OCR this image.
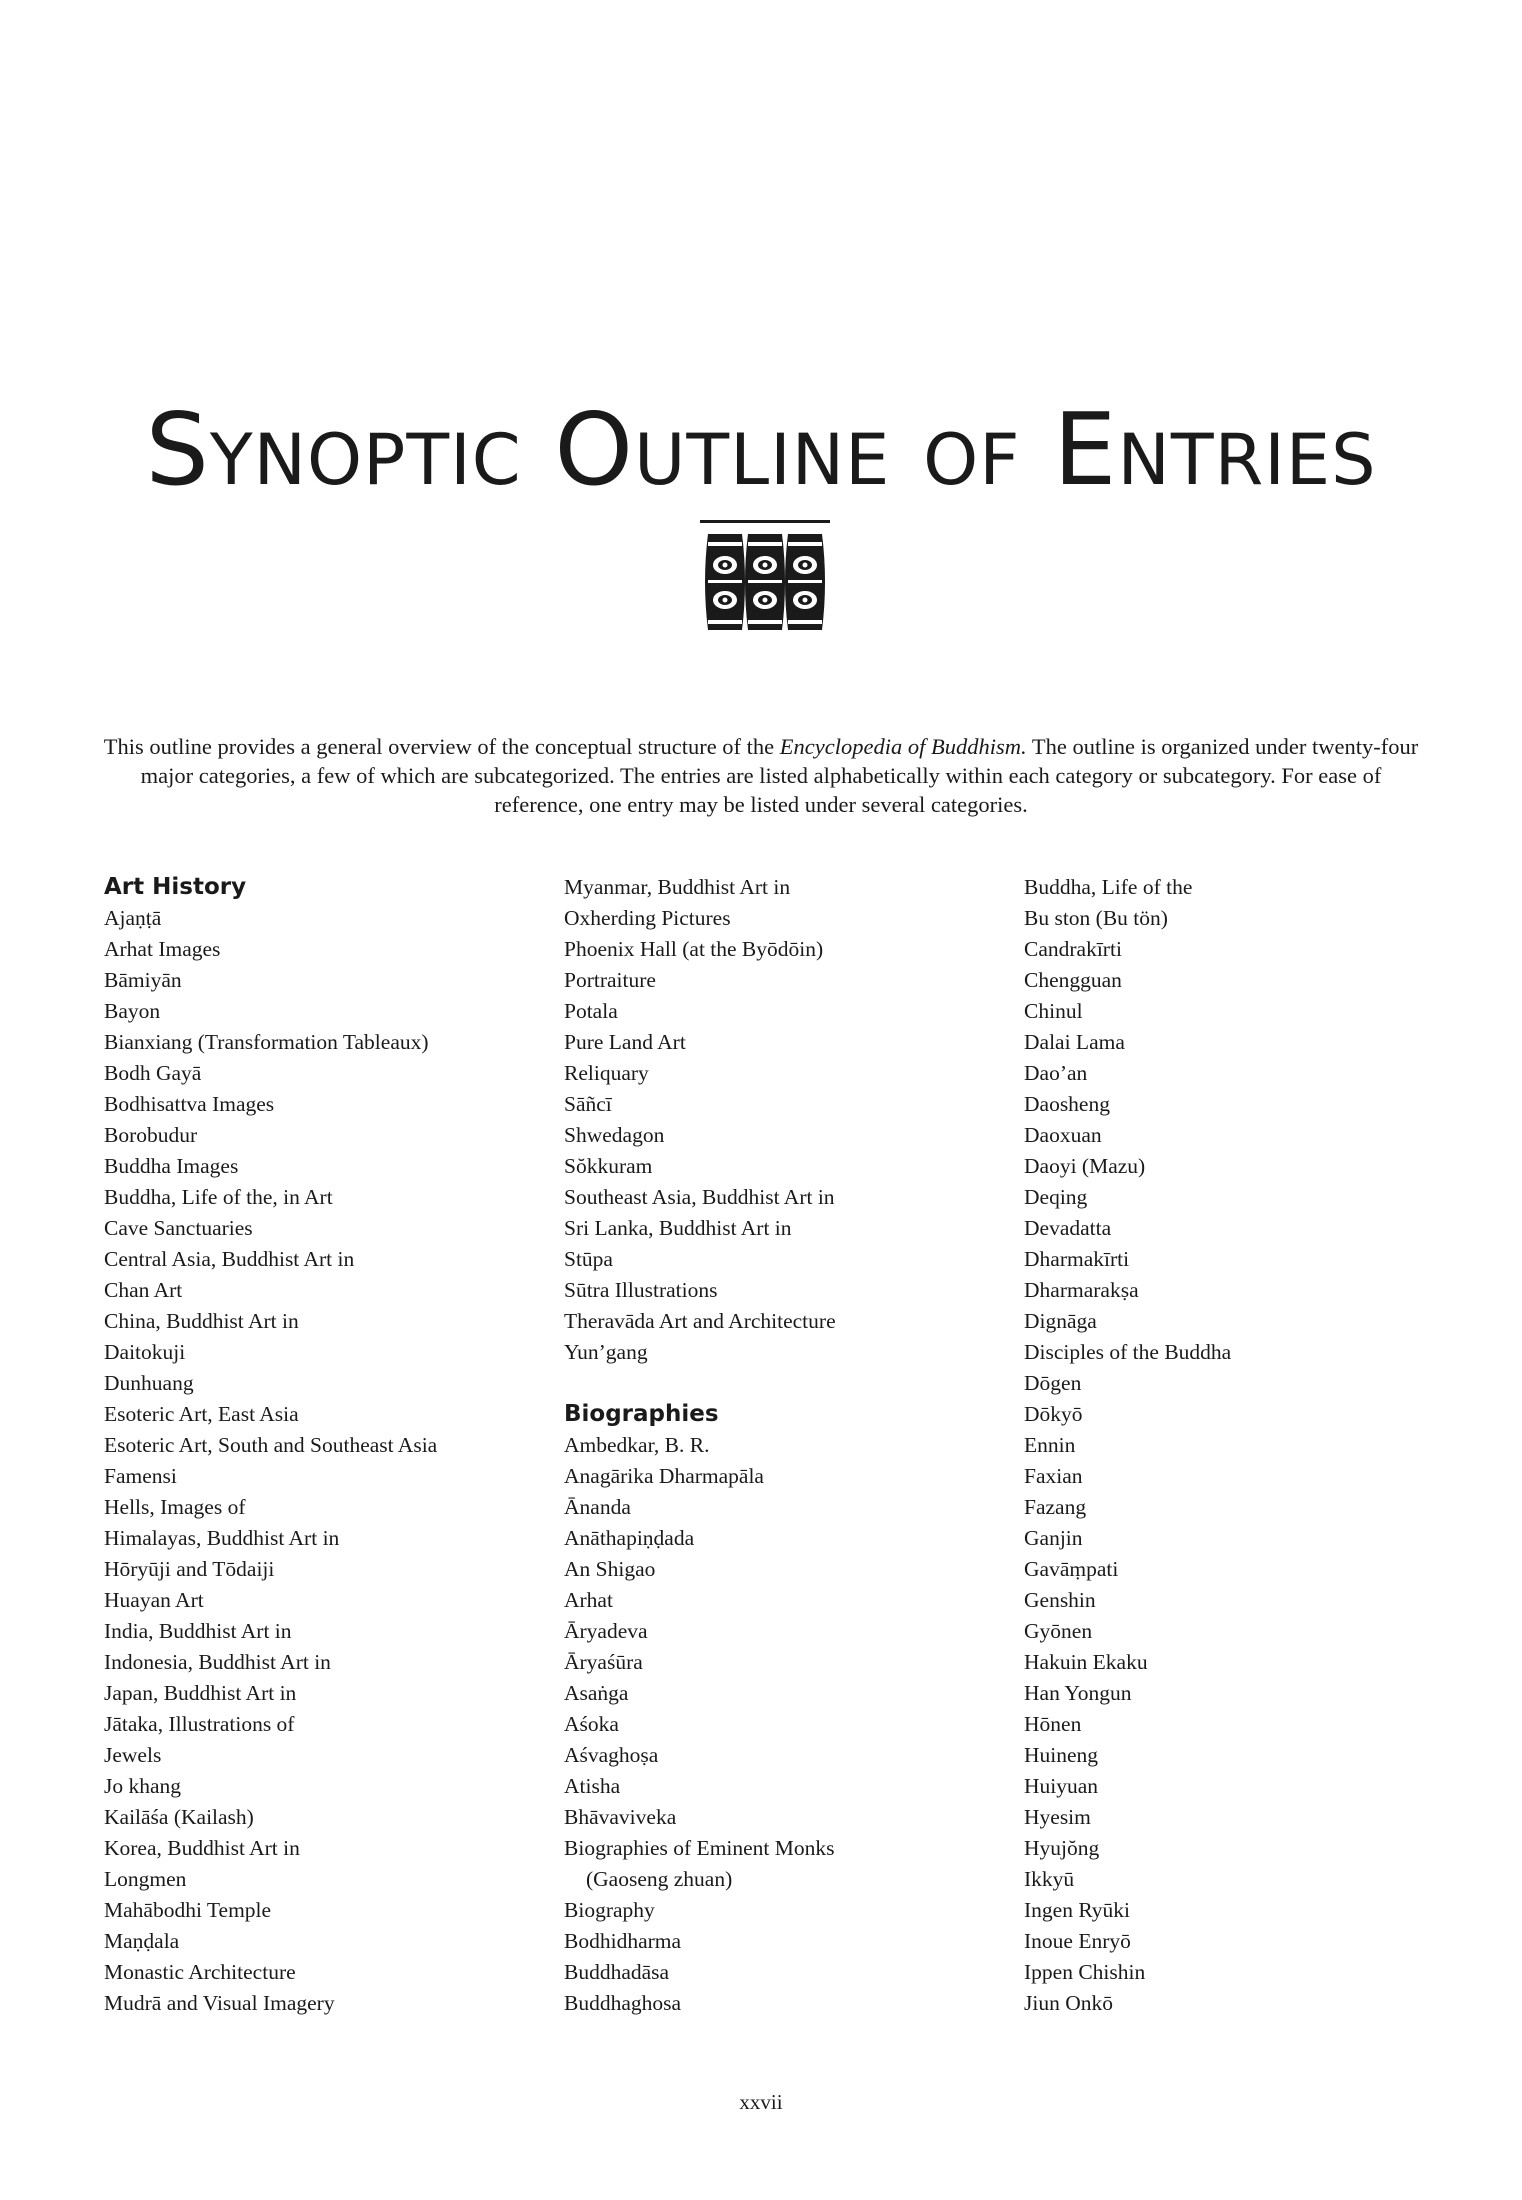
Synoptic Outline of Entries

This outline provides a general overview of the conceptual structure of the Encyclopedia of Buddhism. The outline is organized under twenty-four major categories, a few of which are subcategorized. The entries are listed alphabetically within each category or subcategory. For ease of reference, one entry may be listed under several categories.

Art History
Ajaṇṭā
Arhat Images
Bāmiyān
Bayon
Bianxiang (Transformation Tableaux)
Bodh Gayā
Bodhisattva Images
Borobudur
Buddha Images
Buddha, Life of the, in Art
Cave Sanctuaries
Central Asia, Buddhist Art in
Chan Art
China, Buddhist Art in
Daitokuji
Dunhuang
Esoteric Art, East Asia
Esoteric Art, South and Southeast Asia
Famensi
Hells, Images of
Himalayas, Buddhist Art in
Hōryūji and Tōdaiji
Huayan Art
India, Buddhist Art in
Indonesia, Buddhist Art in
Japan, Buddhist Art in
Jātaka, Illustrations of
Jewels
Jo khang
Kailāśa (Kailash)
Korea, Buddhist Art in
Longmen
Mahābodhi Temple
Maṇḍala
Monastic Architecture
Mudrā and Visual Imagery
Myanmar, Buddhist Art in
Oxherding Pictures
Phoenix Hall (at the Byōdōin)
Portraiture
Potala
Pure Land Art
Reliquary
Sāñcī
Shwedagon
Sŏkkuram
Southeast Asia, Buddhist Art in
Sri Lanka, Buddhist Art in
Stūpa
Sūtra Illustrations
Theravāda Art and Architecture
Yun’gang
Biographies
Ambedkar, B. R.
Anagārika Dharmapāla
Ānanda
Anāthapiṇḍada
An Shigao
Arhat
Āryadeva
Āryaśūra
Asaṅga
Aśoka
Aśvaghoṣa
Atisha
Bhāvaviveka
Biographies of Eminent Monks
(Gaoseng zhuan)
Biography
Bodhidharma
Buddhadāsa
Buddhaghosa
Buddha, Life of the
Bu ston (Bu tön)
Candrakīrti
Chengguan
Chinul
Dalai Lama
Dao’an
Daosheng
Daoxuan
Daoyi (Mazu)
Deqing
Devadatta
Dharmakīrti
Dharmarakṣa
Dignāga
Disciples of the Buddha
Dōgen
Dōkyō
Ennin
Faxian
Fazang
Ganjin
Gavāṃpati
Genshin
Gyōnen
Hakuin Ekaku
Han Yongun
Hōnen
Huineng
Huiyuan
Hyesim
Hyujŏng
Ikkyū
Ingen Ryūki
Inoue Enryō
Ippen Chishin
Jiun Onkō
xxvii
